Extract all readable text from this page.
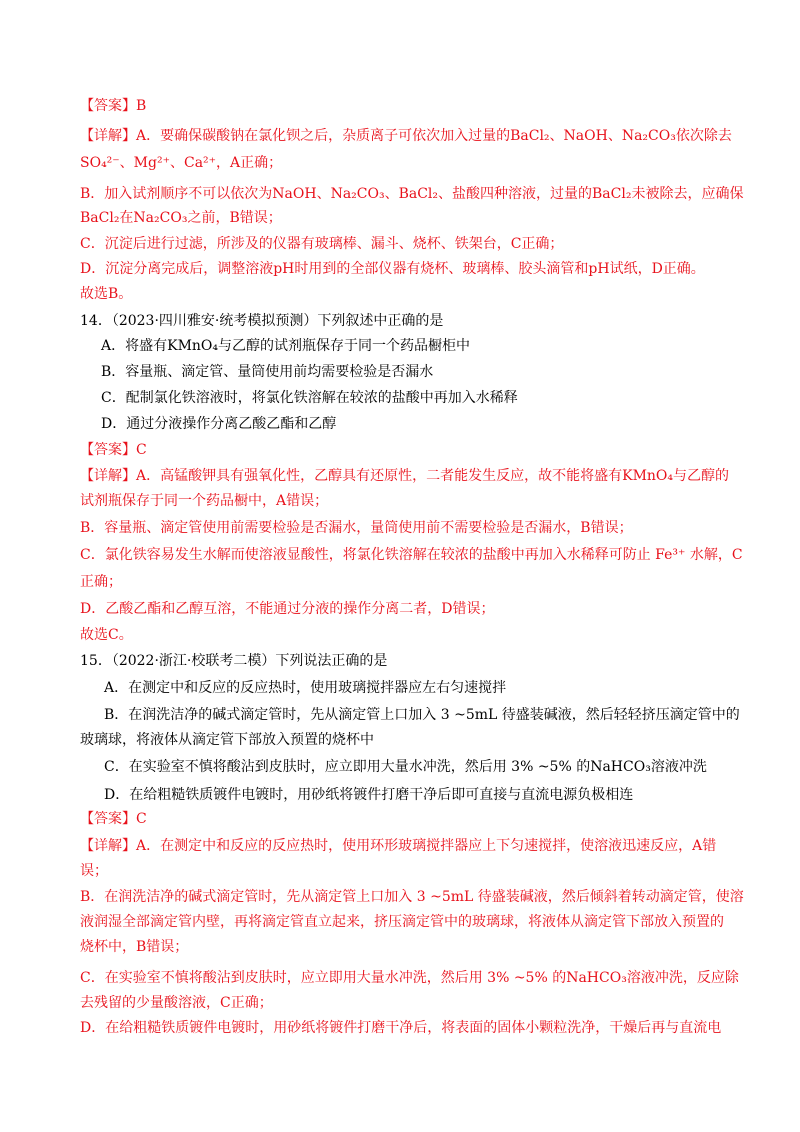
【答案】B
【详解】A．要确保碳酸钠在氯化钡之后，杂质离子可依次加入过量的BaCl₂、NaOH、Na₂CO₃依次除去
SO₄²⁻、Mg²⁺、Ca²⁺，A正确；
B．加入试剂顺序不可以依次为NaOH、Na₂CO₃、BaCl₂、盐酸四种溶液，过量的BaCl₂未被除去，应确保
BaCl₂在Na₂CO₃之前，B错误；
C．沉淀后进行过滤，所涉及的仪器有玻璃棒、漏斗、烧杯、铁架台，C正确；
D．沉淀分离完成后，调整溶液pH时用到的全部仪器有烧杯、玻璃棒、胶头滴管和pH试纸，D正确。
故选B。
14．（2023·四川雅安·统考模拟预测）下列叙述中正确的是
A．将盛有KMnO₄与乙醇的试剂瓶保存于同一个药品橱柜中
B．容量瓶、滴定管、量筒使用前均需要检验是否漏水
C．配制氯化铁溶液时，将氯化铁溶解在较浓的盐酸中再加入水稀释
D．通过分液操作分离乙酸乙酯和乙醇
【答案】C
【详解】A．高锰酸钾具有强氧化性，乙醇具有还原性，二者能发生反应，故不能将盛有KMnO₄与乙醇的
试剂瓶保存于同一个药品橱中，A错误；
B．容量瓶、滴定管使用前需要检验是否漏水，量筒使用前不需要检验是否漏水，B错误；
C．氯化铁容易发生水解而使溶液显酸性，将氯化铁溶解在较浓的盐酸中再加入水稀释可防止 Fe³⁺ 水解，C
正确；
D．乙酸乙酯和乙醇互溶，不能通过分液的操作分离二者，D错误；
故选C。
15．（2022·浙江·校联考二模）下列说法正确的是
A．在测定中和反应的反应热时，使用玻璃搅拌器应左右匀速搅拌
B．在润洗洁净的碱式滴定管时，先从滴定管上口加入 3 ~5mL 待盛装碱液，然后轻轻挤压滴定管中的
玻璃球，将液体从滴定管下部放入预置的烧杯中
C．在实验室不慎将酸沾到皮肤时，应立即用大量水冲洗，然后用 3% ~5% 的NaHCO₃溶液冲洗
D．在给粗糙铁质镀件电镀时，用砂纸将镀件打磨干净后即可直接与直流电源负极相连
【答案】C
【详解】A．在测定中和反应的反应热时，使用环形玻璃搅拌器应上下匀速搅拌，使溶液迅速反应，A错
误；
B．在润洗洁净的碱式滴定管时，先从滴定管上口加入 3 ~5mL 待盛装碱液，然后倾斜着转动滴定管，使溶
液润湿全部滴定管内壁，再将滴定管直立起来，挤压滴定管中的玻璃球，将液体从滴定管下部放入预置的
烧杯中，B错误；
C．在实验室不慎将酸沾到皮肤时，应立即用大量水冲洗，然后用 3% ~5% 的NaHCO₃溶液冲洗，反应除
去残留的少量酸溶液，C正确；
D．在给粗糙铁质镀件电镀时，用砂纸将镀件打磨干净后，将表面的固体小颗粒洗净，干燥后再与直流电
